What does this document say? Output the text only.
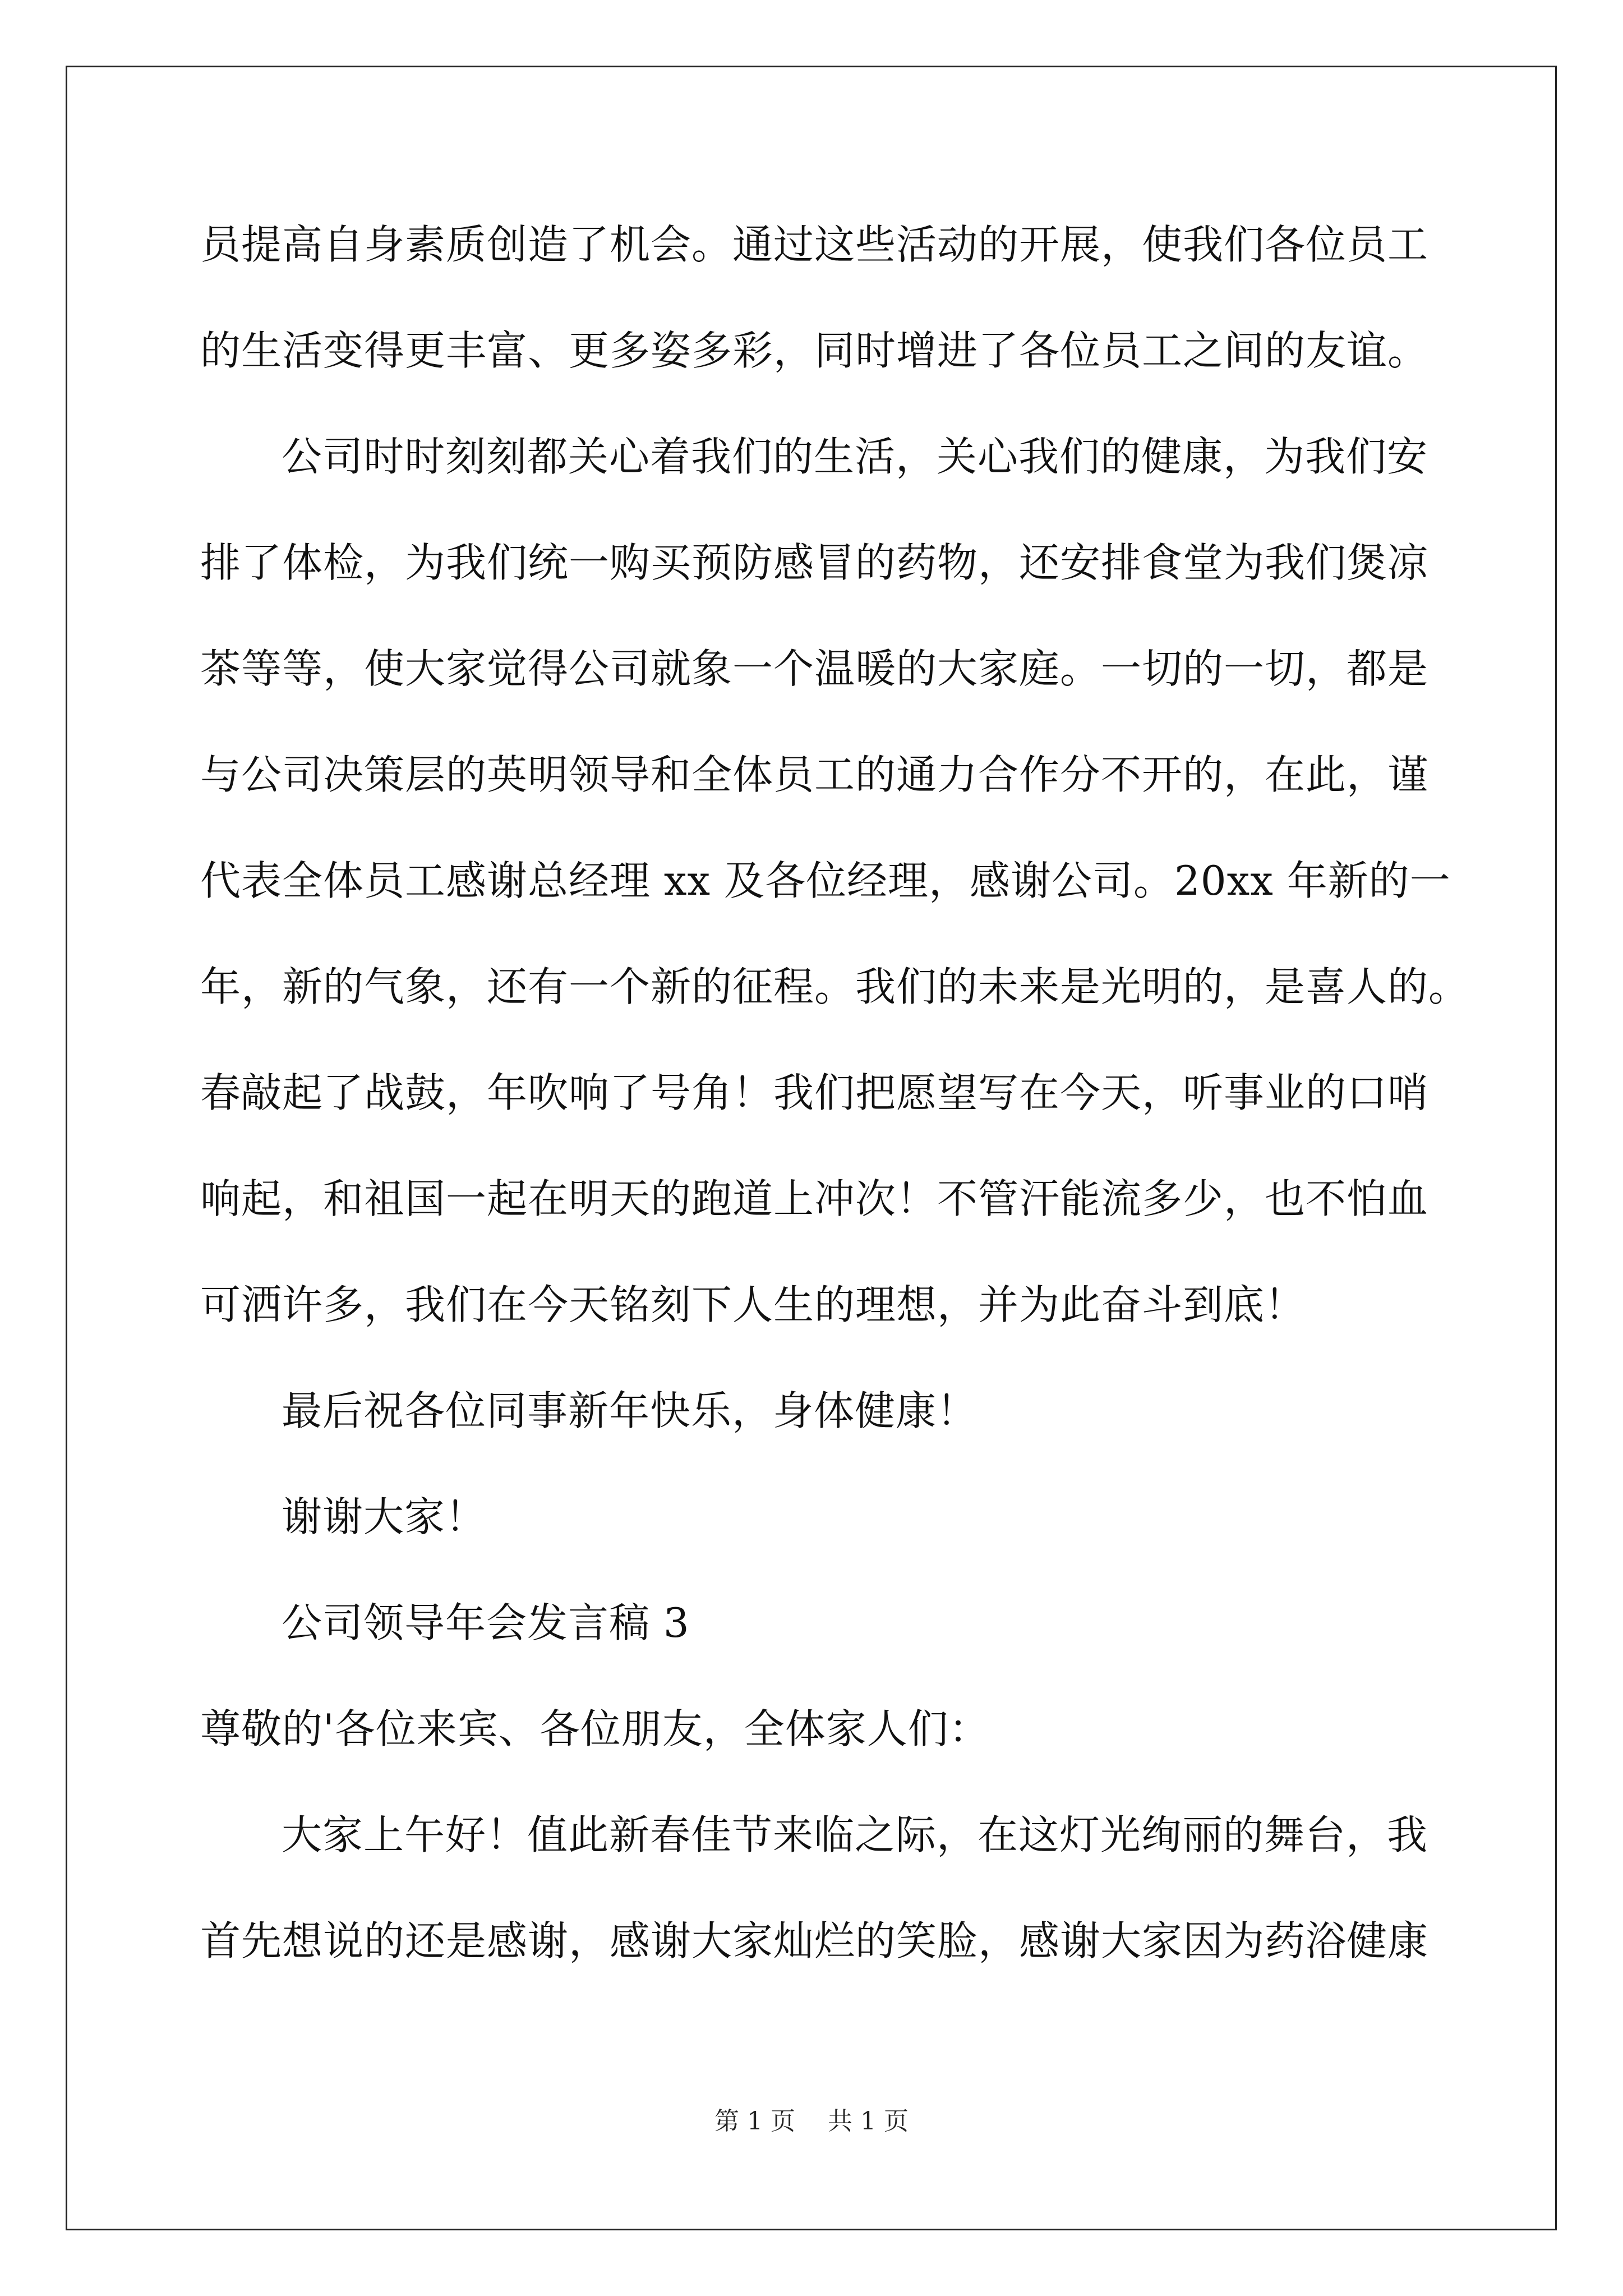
员提高自身素质创造了机会。通过这些活动的开展，使我们各位员工

的生活变得更丰富、更多姿多彩，同时增进了各位员工之间的友谊。

公司时时刻刻都关心着我们的生活，关心我们的健康，为我们安

排了体检，为我们统一购买预防感冒的药物，还安排食堂为我们煲凉

茶等等，使大家觉得公司就象一个温暖的大家庭。一切的一切，都是

与公司决策层的英明领导和全体员工的通力合作分不开的，在此，谨

代表全体员工感谢总经理 xx 及各位经理，感谢公司。20xx 年新的一

年，新的气象，还有一个新的征程。我们的未来是光明的，是喜人的。

春敲起了战鼓，年吹响了号角！我们把愿望写在今天，听事业的口哨

响起，和祖国一起在明天的跑道上冲次！不管汗能流多少，也不怕血

可洒许多，我们在今天铭刻下人生的理想，并为此奋斗到底！

最后祝各位同事新年快乐，身体健康！

谢谢大家！

公司领导年会发言稿 3

尊敬的'各位来宾、各位朋友，全体家人们：

大家上午好！值此新春佳节来临之际，在这灯光绚丽的舞台，我

首先想说的还是感谢，感谢大家灿烂的笑脸，感谢大家因为药浴健康

第 1 页　 共 1 页
